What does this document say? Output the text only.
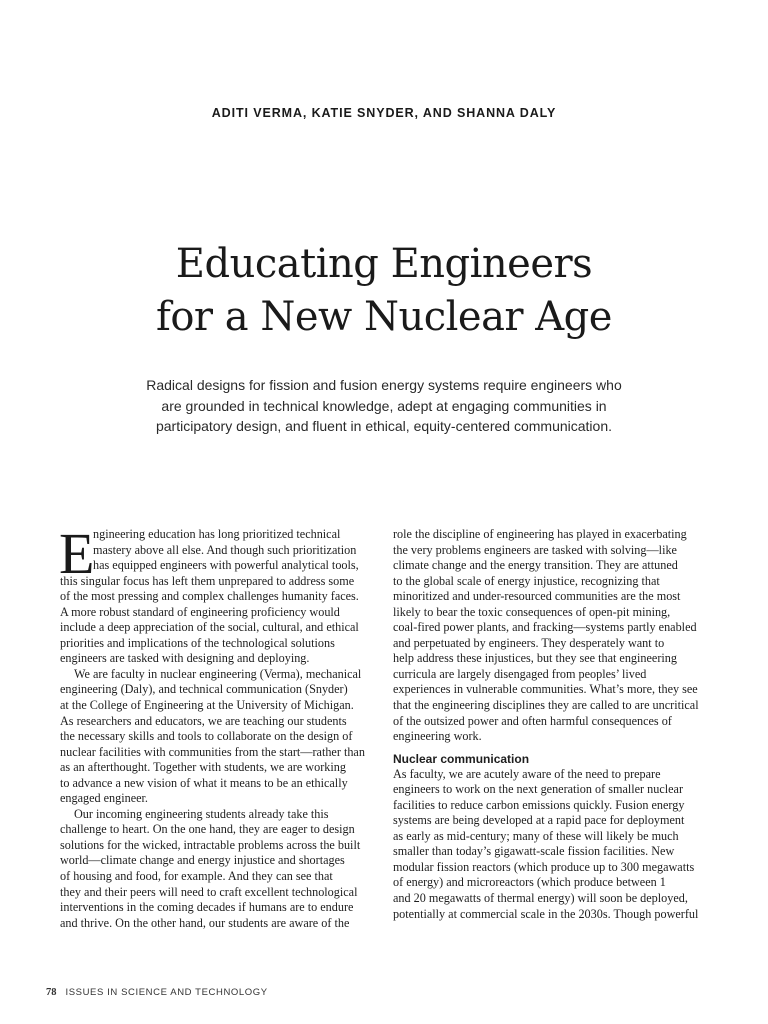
ADITI VERMA, KATIE SNYDER, AND SHANNA DALY
Educating Engineers
for a New Nuclear Age
Radical designs for fission and fusion energy systems require engineers who
are grounded in technical knowledge, adept at engaging communities in
participatory design, and fluent in ethical, equity-centered communication.
E
ngineering education has long prioritized technical
mastery above all else. And though such prioritization
has equipped engineers with powerful analytical tools,
this singular focus has left them unprepared to address some
of the most pressing and complex challenges humanity faces.
A more robust standard of engineering proficiency would
include a deep appreciation of the social, cultural, and ethical
priorities and implications of the technological solutions
engineers are tasked with designing and deploying.
We are faculty in nuclear engineering (Verma), mechanical
engineering (Daly), and technical communication (Snyder)
at the College of Engineering at the University of Michigan.
As researchers and educators, we are teaching our students
the necessary skills and tools to collaborate on the design of
nuclear facilities with communities from the start—rather than
as an afterthought. Together with students, we are working
to advance a new vision of what it means to be an ethically
engaged engineer.
Our incoming engineering students already take this
challenge to heart. On the one hand, they are eager to design
solutions for the wicked, intractable problems across the built
world—climate change and energy injustice and shortages
of housing and food, for example. And they can see that
they and their peers will need to craft excellent technological
interventions in the coming decades if humans are to endure
and thrive. On the other hand, our students are aware of the
role the discipline of engineering has played in exacerbating
the very problems engineers are tasked with solving—like
climate change and the energy transition. They are attuned
to the global scale of energy injustice, recognizing that
minoritized and under-resourced communities are the most
likely to bear the toxic consequences of open-pit mining,
coal-fired power plants, and fracking—systems partly enabled
and perpetuated by engineers. They desperately want to
help address these injustices, but they see that engineering
curricula are largely disengaged from peoples’ lived
experiences in vulnerable communities. What’s more, they see
that the engineering disciplines they are called to are uncritical
of the outsized power and often harmful consequences of
engineering work.
Nuclear communication
As faculty, we are acutely aware of the need to prepare
engineers to work on the next generation of smaller nuclear
facilities to reduce carbon emissions quickly. Fusion energy
systems are being developed at a rapid pace for deployment
as early as mid-century; many of these will likely be much
smaller than today’s gigawatt-scale fission facilities. New
modular fission reactors (which produce up to 300 megawatts
of energy) and microreactors (which produce between 1
and 20 megawatts of thermal energy) will soon be deployed,
potentially at commercial scale in the 2030s. Though powerful
78 ISSUES IN SCIENCE AND TECHNOLOGY
